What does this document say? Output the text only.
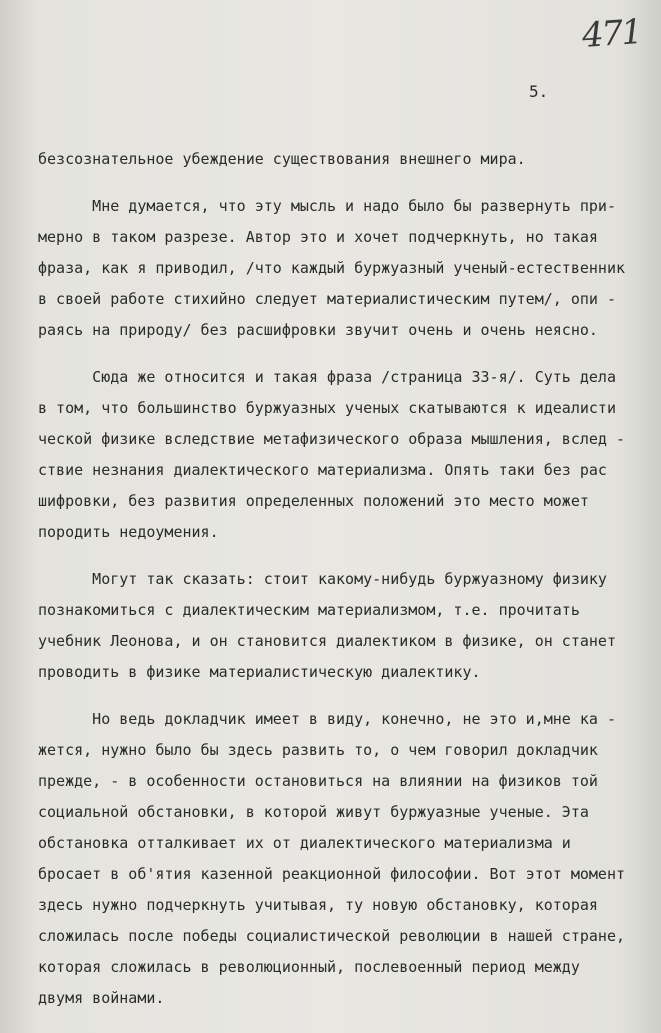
471
5.
безсознательное убеждение существования внешнего мира.
Мне думается, что эту мысль и надо было бы развернуть при-
мерно в таком разрезе. Автор это и хочет подчеркнуть, но такая
фраза, как я приводил, /что каждый буржуазный ученый-естественник
в своей работе стихийно следует материалистическим путем/, опи -
раясь на природу/ без расшифровки звучит очень и очень неясно.
Сюда же относится и такая фраза /страница 33-я/. Суть дела
в том, что большинство буржуазных ученых скатываются к идеалисти
ческой физике вследствие метафизического образа мышления, вслед -
ствие незнания диалектического материализма. Опять таки без рас
шифровки, без развития определенных положений это место может
породить недоумения.
Могут так сказать: стоит какому-нибудь буржуазному физику
познакомиться с диалектическим материализмом, т.е. прочитать
учебник Леонова, и он становится диалектиком в физике, он станет
проводить в физике материалистическую диалектику.
Но ведь докладчик имеет в виду, конечно, не это и,мне ка -
жется, нужно было бы здесь развить то, о чем говорил докладчик
прежде, - в особенности остановиться на влиянии на физиков той
социальной обстановки, в которой живут буржуазные ученые. Эта
обстановка отталкивает их от диалектического материализма и
бросает в об'ятия казенной реакционной философии. Вот этот момент
здесь нужно подчеркнуть учитывая, ту новую обстановку, которая
сложилась после победы социалистической революции в нашей стране,
которая сложилась в революционный, послевоенный период между
двумя войнами.
